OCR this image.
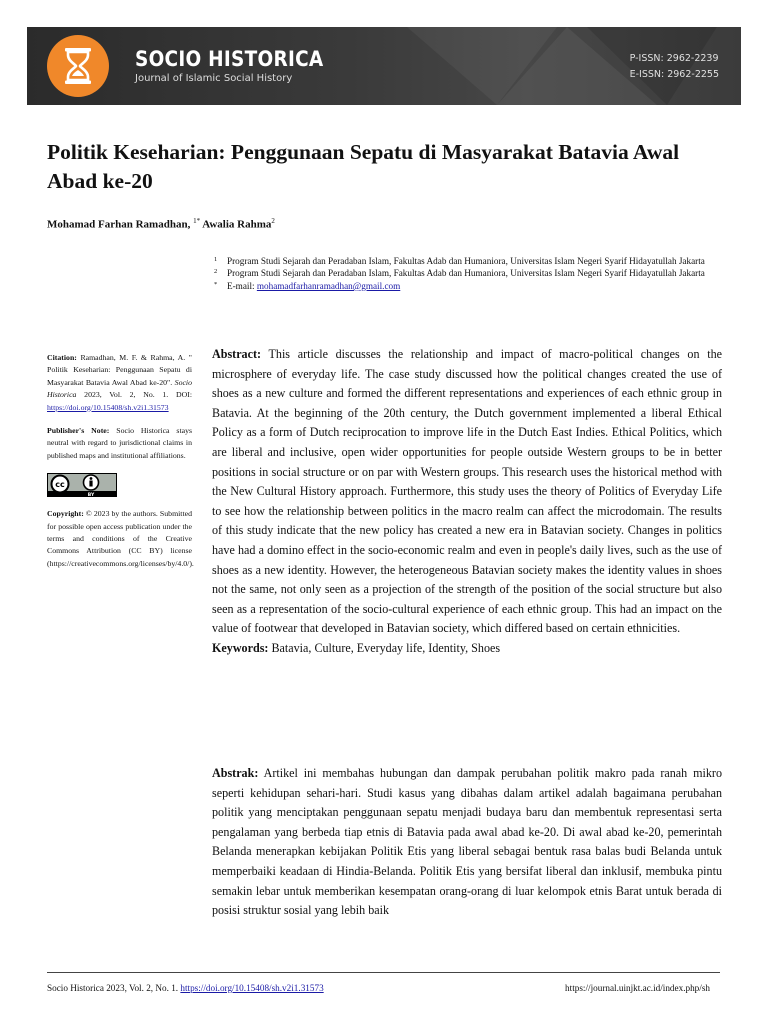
SOCIO HISTORICA
Journal of Islamic Social History
P-ISSN: 2962-2239
E-ISSN: 2962-2255
Politik Keseharian: Penggunaan Sepatu di Masyarakat Batavia Awal Abad ke-20
Mohamad Farhan Ramadhan, $^{1*}$ Awalia Rahma$^2$
1 Program Studi Sejarah dan Peradaban Islam, Fakultas Adab dan Humaniora, Universitas Islam Negeri Syarif Hidayatullah Jakarta
2 Program Studi Sejarah dan Peradaban Islam, Fakultas Adab dan Humaniora, Universitas Islam Negeri Syarif Hidayatullah Jakarta
* E-mail: mohamadfarhanramadhan@gmail.com

Citation: Ramadhan, M. F. & Rahma, A. " Politik Keseharian: Penggunaan Sepatu di Masyarakat Batavia Awal Abad ke-20". Socio Historica 2023, Vol. 2, No. 1. DOI: https://doi.org/10.15408/sh.v2i1.31573

Publisher's Note: Socio Historica stays neutral with regard to jurisdictional claims in published maps and institutional affiliations.

cc
BY

Copyright: © 2023 by the authors. Submitted for possible open access publication under the terms and conditions of the Creative Commons Attribution (CC BY) license (https://creativecommons.org/licenses/by/4.0/).

Abstract: This article discusses the relationship and impact of macro-political changes on the microsphere of everyday life. The case study discussed how the political changes created the use of shoes as a new culture and formed the different representations and experiences of each ethnic group in Batavia. At the beginning of the 20th century, the Dutch government implemented a liberal Ethical Policy as a form of Dutch reciprocation to improve life in the Dutch East Indies. Ethical Politics, which are liberal and inclusive, open wider opportunities for people outside Western groups to be in better positions in social structure or on par with Western groups. This research uses the historical method with the New Cultural History approach. Furthermore, this study uses the theory of Politics of Everyday Life to see how the relationship between politics in the macro realm can affect the microdomain. The results of this study indicate that the new policy has created a new era in Batavian society. Changes in politics have had a domino effect in the socio-economic realm and even in people's daily lives, such as the use of shoes as a new identity. However, the heterogeneous Batavian society makes the identity values in shoes not the same, not only seen as a projection of the strength of the position of the social structure but also seen as a representation of the socio-cultural experience of each ethnic group. This had an impact on the value of footwear that developed in Batavian society, which differed based on certain ethnicities.

Keywords: Batavia, Culture, Everyday life, Identity, Shoes

Abstrak: Artikel ini membahas hubungan dan dampak perubahan politik makro pada ranah mikro seperti kehidupan sehari-hari. Studi kasus yang dibahas dalam artikel adalah bagaimana perubahan politik yang menciptakan penggunaan sepatu menjadi budaya baru dan membentuk representasi serta pengalaman yang berbeda tiap etnis di Batavia pada awal abad ke-20. Di awal abad ke-20, pemerintah Belanda menerapkan kebijakan Politik Etis yang liberal sebagai bentuk rasa balas budi Belanda untuk memperbaiki keadaan di Hindia-Belanda. Politik Etis yang bersifat liberal dan inklusif, membuka pintu semakin lebar untuk memberikan kesempatan orang-orang di luar kelompok etnis Barat untuk berada di posisi struktur sosial yang lebih baik

Socio Historica 2023, Vol. 2, No. 1. https://doi.org/10.15408/sh.v2i1.31573	https://journal.uinjkt.ac.id/index.php/sh
